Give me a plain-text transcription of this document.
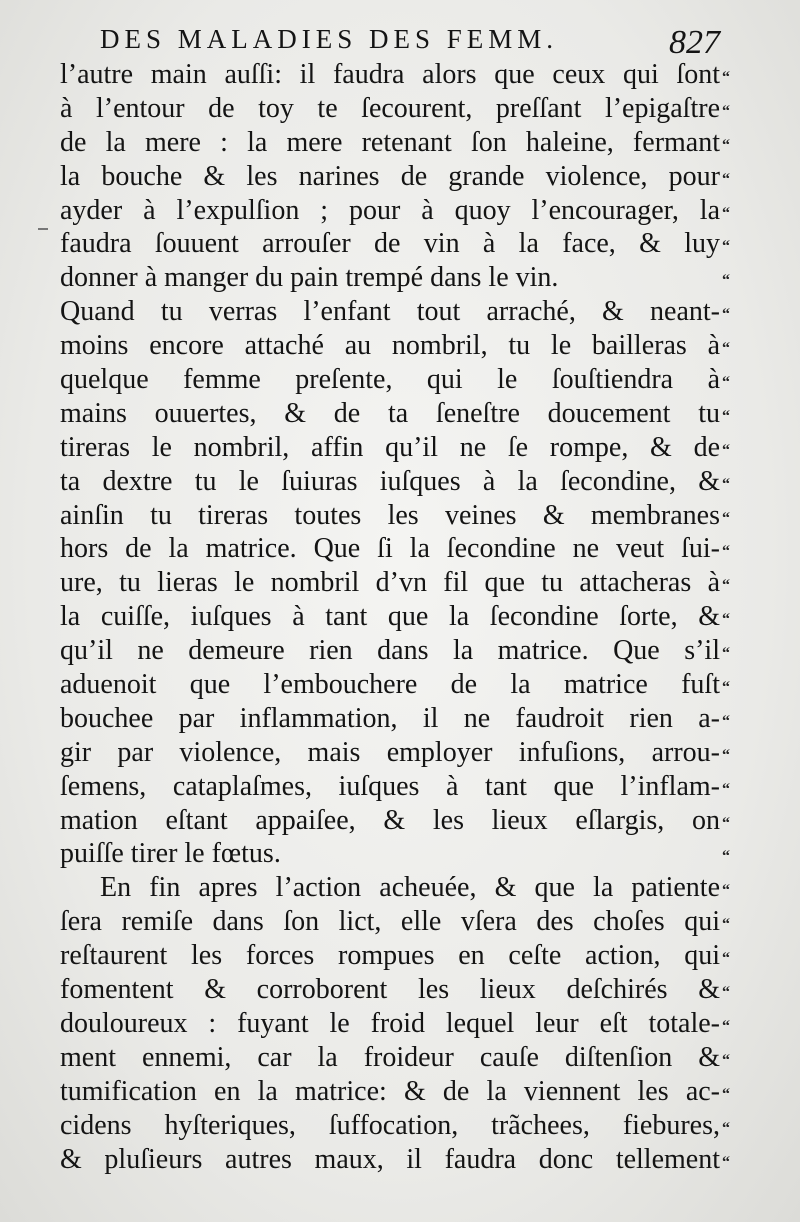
DES MALADIES DES FEMM.	827
l’autre main auſſi: il faudra alors que ceux qui ſont
à l’entour de toy te ſecourent, preſſant l’epigaſtre
de la mere : la mere retenant ſon haleine, fermant
la bouche & les narines de grande violence, pour
ayder à l’expulſion ; pour à quoy l’encourager, la
faudra ſouuent arrouſer de vin à la face, & luy
donner à manger du pain trempé dans le vin.
Quand tu verras l’enfant tout arraché, & neant-
moins encore attaché au nombril, tu le bailleras à
quelque femme preſente, qui le ſouſtiendra à
mains ouuertes, & de ta ſeneſtre doucement tu
tireras le nombril, affin qu’il ne ſe rompe, & de
ta dextre tu le ſuiuras iuſques à la ſecondine, &
ainſin tu tireras toutes les veines & membranes
hors de la matrice. Que ſi la ſecondine ne veut ſui-
ure, tu lieras le nombril d’vn fil que tu attacheras à
la cuiſſe, iuſques à tant que la ſecondine ſorte, &
qu’il ne demeure rien dans la matrice. Que s’il
aduenoit que l’embouchere de la matrice fuſt
bouchee par inflammation, il ne faudroit rien a-
gir par violence, mais employer infuſions, arrou-
ſemens, cataplaſmes, iuſques à tant que l’inflam-
mation eſtant appaiſee, & les lieux eſlargis, on
puiſſe tirer le fœtus.
En fin apres l’action acheuée, & que la patiente
ſera remiſe dans ſon lict, elle vſera des choſes qui
reſtaurent les forces rompues en ceſte action, qui
fomentent & corroborent les lieux deſchirés &
douloureux : fuyant le froid lequel leur eſt totale-
ment ennemi, car la froideur cauſe diſtenſion &
tumification en la matrice: & de la viennent les ac-
cidens hyſteriques, ſuffocation, trãchees, fiebures,
& pluſieurs autres maux, il faudra donc tellement
“
“
“
“
“
“
“
“
“
“
“
“
“
“
“
“
“
“
“
“
“
“
“
“
“
“
“
“
“
“
“
“
“
